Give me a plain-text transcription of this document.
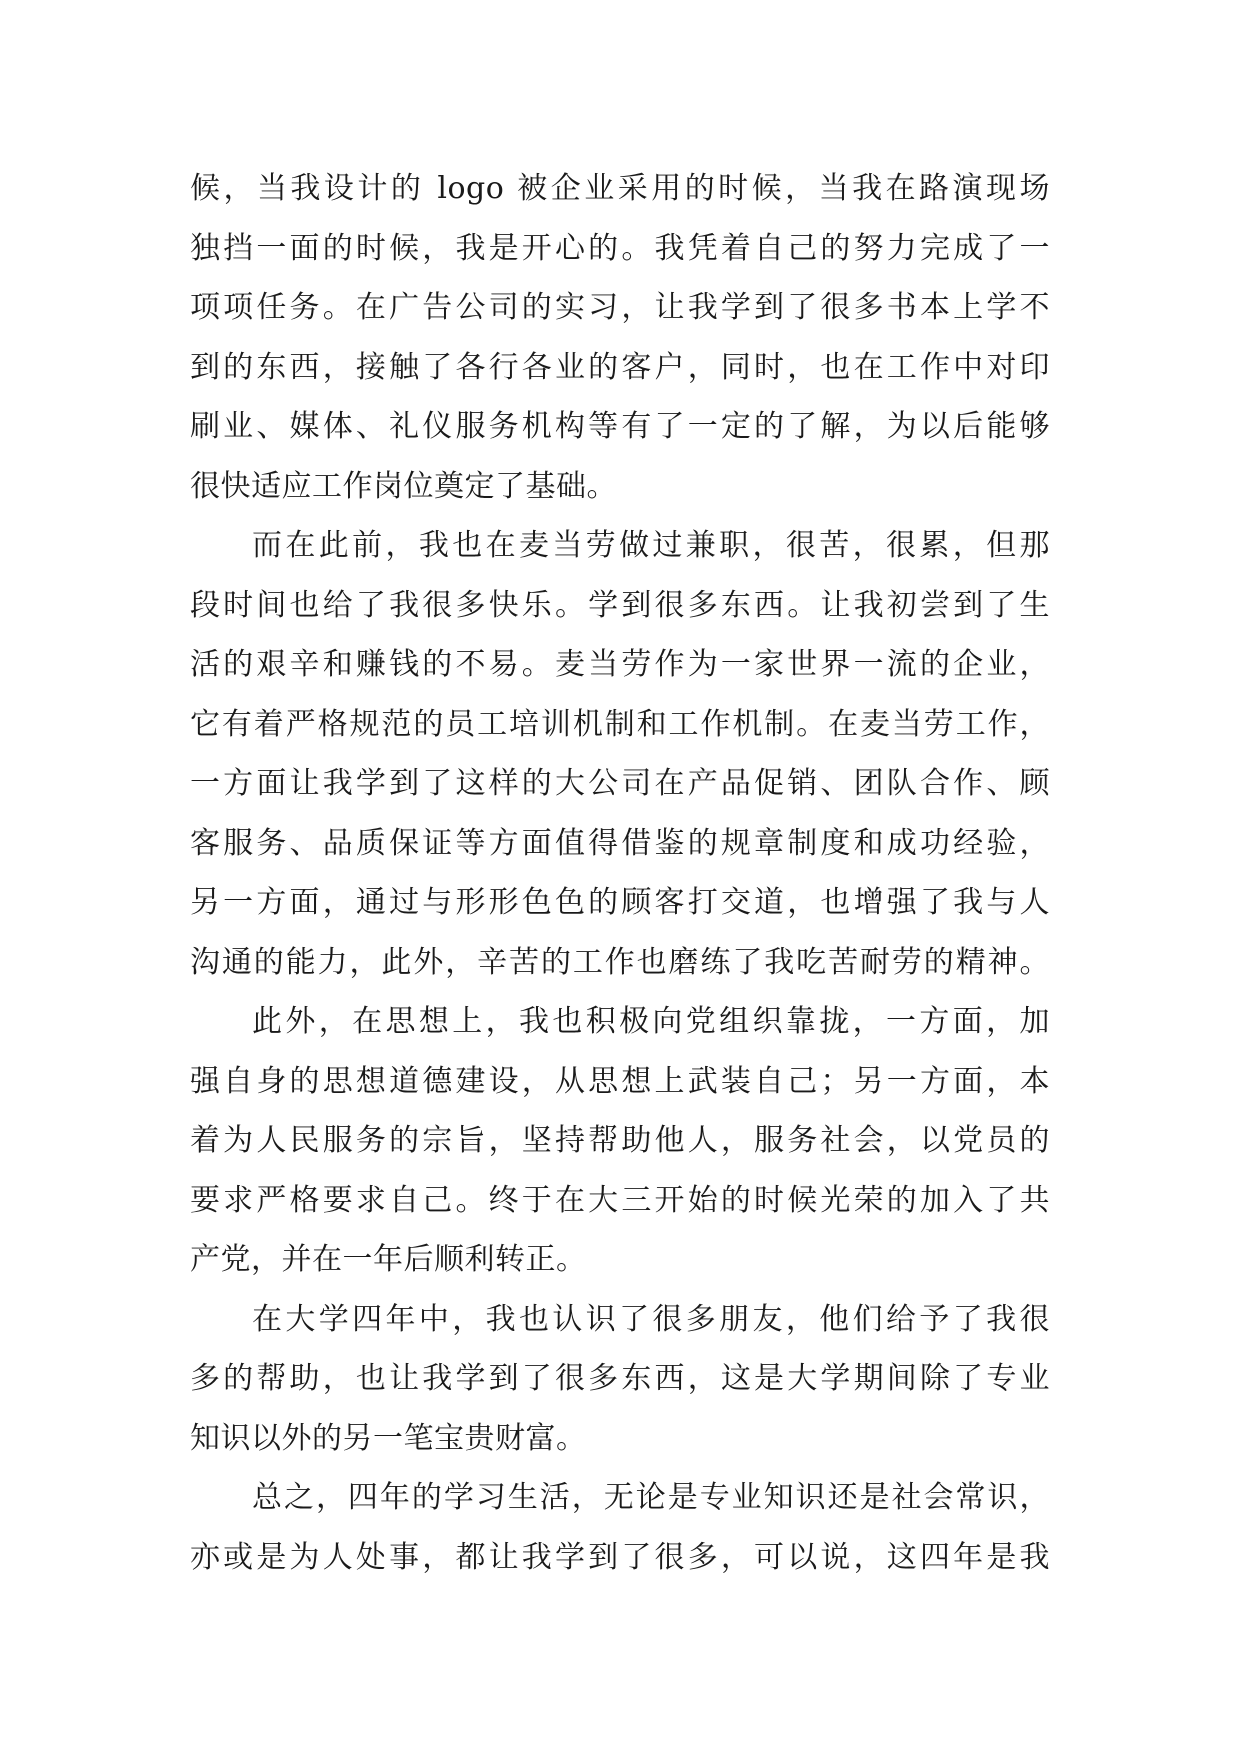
候，当我设计的 logo 被企业采用的时候，当我在路演现场
独挡一面的时候，我是开心的。我凭着自己的努力完成了一
项项任务。在广告公司的实习，让我学到了很多书本上学不
到的东西，接触了各行各业的客户，同时，也在工作中对印
刷业、媒体、礼仪服务机构等有了一定的了解，为以后能够
很快适应工作岗位奠定了基础。
而在此前，我也在麦当劳做过兼职，很苦，很累，但那
段时间也给了我很多快乐。学到很多东西。让我初尝到了生
活的艰辛和赚钱的不易。麦当劳作为一家世界一流的企业，
它有着严格规范的员工培训机制和工作机制。在麦当劳工作，
一方面让我学到了这样的大公司在产品促销、团队合作、顾
客服务、品质保证等方面值得借鉴的规章制度和成功经验，
另一方面，通过与形形色色的顾客打交道，也增强了我与人
沟通的能力，此外，辛苦的工作也磨练了我吃苦耐劳的精神。
此外，在思想上，我也积极向党组织靠拢，一方面，加
强自身的思想道德建设，从思想上武装自己；另一方面，本
着为人民服务的宗旨，坚持帮助他人，服务社会，以党员的
要求严格要求自己。终于在大三开始的时候光荣的加入了共
产党，并在一年后顺利转正。
在大学四年中，我也认识了很多朋友，他们给予了我很
多的帮助，也让我学到了很多东西，这是大学期间除了专业
知识以外的另一笔宝贵财富。
总之，四年的学习生活，无论是专业知识还是社会常识，
亦或是为人处事，都让我学到了很多，可以说，这四年是我
